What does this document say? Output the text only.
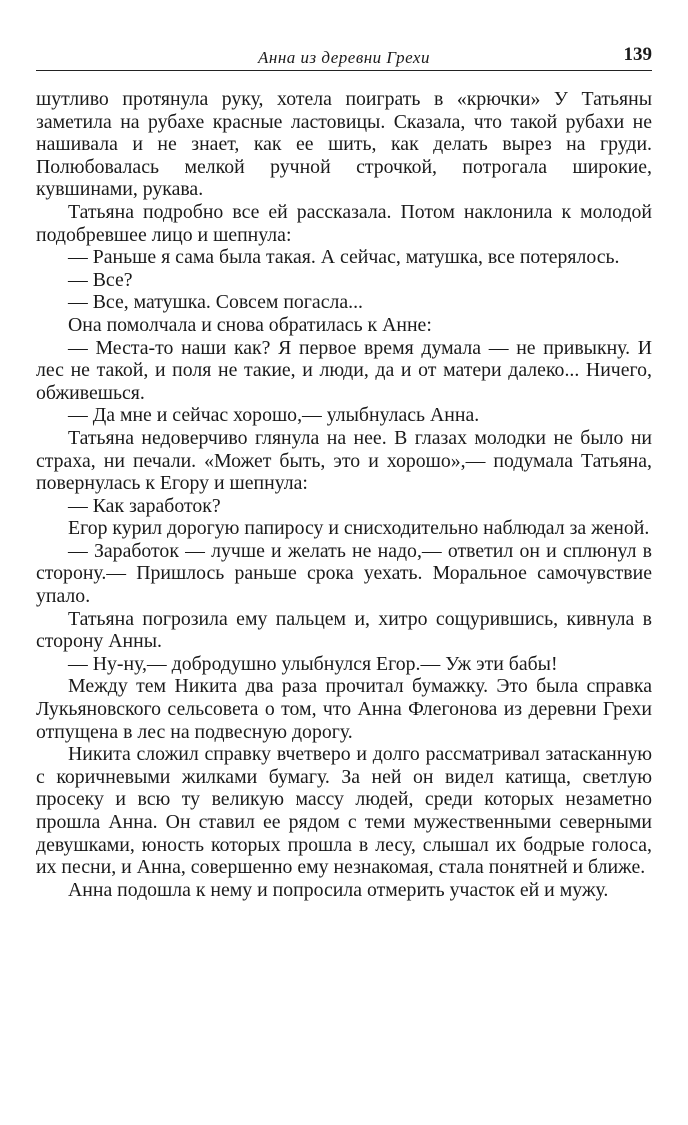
Анна из деревни Грехи	139

шутливо протянула руку, хотела поиграть в «крючки» У Татьяны заметила на рубахе красные ластовицы. Сказала, что такой рубахи не нашивала и не знает, как ее шить, как делать вырез на груди. Полюбовалась мелкой ручной строчкой, потрогала широкие, кувшинами, рукава.

Татьяна подробно все ей рассказала. Потом наклонила к молодой подобревшее лицо и шепнула:

— Раньше я сама была такая. А сейчас, матушка, все потерялось.

— Все?

— Все, матушка. Совсем погасла...

Она помолчала и снова обратилась к Анне:

— Места-то наши как? Я первое время думала — не привыкну. И лес не такой, и поля не такие, и люди, да и от матери далеко... Ничего, обживешься.

— Да мне и сейчас хорошо,— улыбнулась Анна.

Татьяна недоверчиво глянула на нее. В глазах молодки не было ни страха, ни печали. «Может быть, это и хорошо»,— подумала Татьяна, повернулась к Егору и шепнула:

— Как заработок?

Егор курил дорогую папиросу и снисходительно наблюдал за женой.

— Заработок — лучше и желать не надо,— ответил он и сплюнул в сторону.— Пришлось раньше срока уехать. Моральное самочувствие упало.

Татьяна погрозила ему пальцем и, хитро сощурившись, кивнула в сторону Анны.

— Ну-ну,— добродушно улыбнулся Егор.— Уж эти бабы!

Между тем Никита два раза прочитал бумажку. Это была справка Лукьяновского сельсовета о том, что Анна Флегонова из деревни Грехи отпущена в лес на подвесную дорогу.

Никита сложил справку вчетверо и долго рассматривал затасканную с коричневыми жилками бумагу. За ней он видел катища, светлую просеку и всю ту великую массу людей, среди которых незаметно прошла Анна. Он ставил ее рядом с теми мужественными северными девушками, юность которых прошла в лесу, слышал их бодрые голоса, их песни, и Анна, совершенно ему незнакомая, стала понятней и ближе.

Анна подошла к нему и попросила отмерить участок ей и мужу.
